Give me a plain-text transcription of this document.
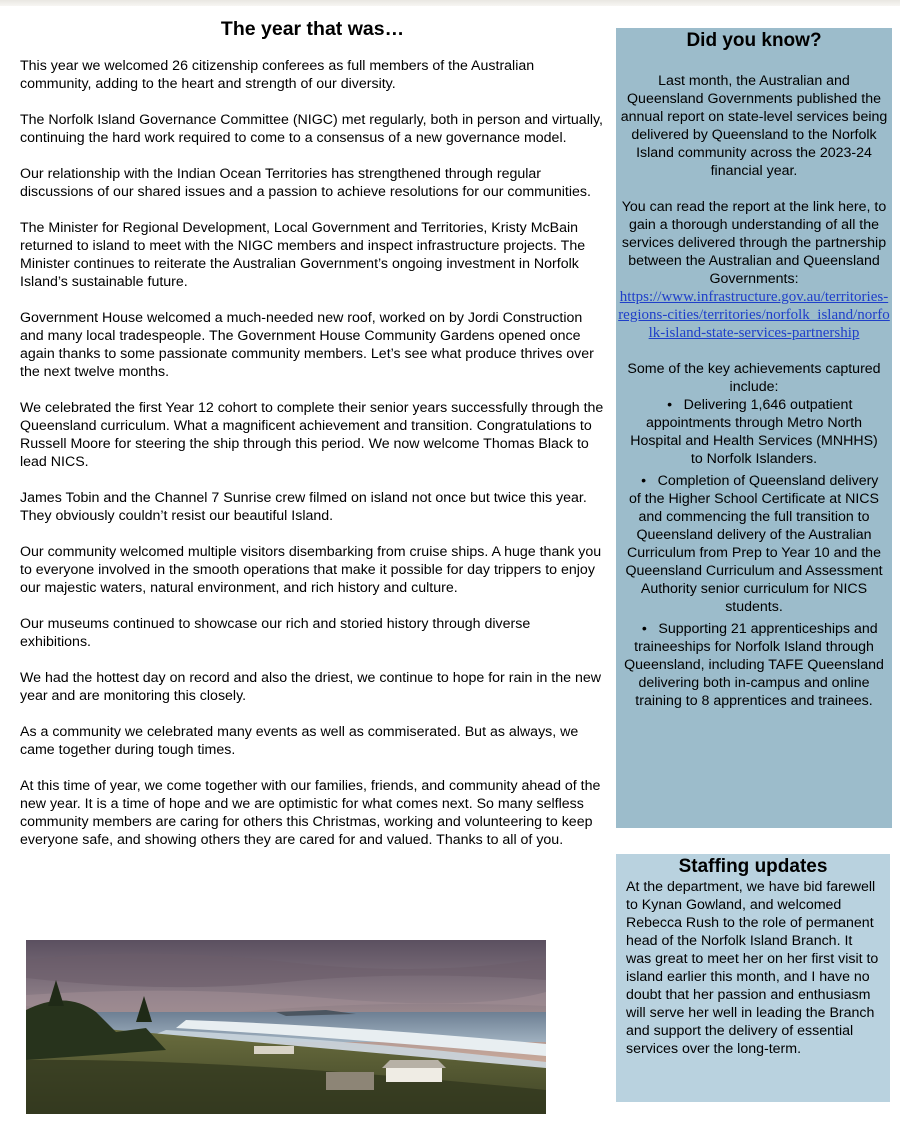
The year that was…

This year we welcomed 26 citizenship conferees as full members of the Australian community, adding to the heart and strength of our diversity.

The Norfolk Island Governance Committee (NIGC) met regularly, both in person and virtually, continuing the hard work required to come to a consensus of a new governance model.

Our relationship with the Indian Ocean Territories has strengthened through regular discussions of our shared issues and a passion to achieve resolutions for our communities.

The Minister for Regional Development, Local Government and Territories, Kristy McBain returned to island to meet with the NIGC members and inspect infrastructure projects. The Minister continues to reiterate the Australian Government’s ongoing investment in Norfolk Island’s sustainable future.

Government House welcomed a much-needed new roof, worked on by Jordi Construction and many local tradespeople. The Government House Community Gardens opened once again thanks to some passionate community members. Let’s see what produce thrives over the next twelve months.

We celebrated the first Year 12 cohort to complete their senior years successfully through the Queensland curriculum. What a magnificent achievement and transition. Congratulations to Russell Moore for steering the ship through this period. We now welcome Thomas Black to lead NICS.

James Tobin and the Channel 7 Sunrise crew filmed on island not once but twice this year. They obviously couldn’t resist our beautiful Island.

Our community welcomed multiple visitors disembarking from cruise ships. A huge thank you to everyone involved in the smooth operations that make it possible for day trippers to enjoy our majestic waters, natural environment, and rich history and culture.

Our museums continued to showcase our rich and storied history through diverse exhibitions.

We had the hottest day on record and also the driest, we continue to hope for rain in the new year and are monitoring this closely.

As a community we celebrated many events as well as commiserated. But as always, we came together during tough times.

At this time of year, we come together with our families, friends, and community ahead of the new year. It is a time of hope and we are optimistic for what comes next. So many selfless community members are caring for others this Christmas, working and volunteering to keep everyone safe, and showing others they are cared for and valued. Thanks to all of you.

Did you know?

Last month, the Australian and Queensland Governments published the annual report on state-level services being delivered by Queensland to the Norfolk Island community across the 2023-24 financial year.

You can read the report at the link here, to gain a thorough understanding of all the services delivered through the partnership between the Australian and Queensland Governments:

https://www.infrastructure.gov.au/territories-regions-cities/territories/norfolk_island/norfolk-island-state-services-partnership

Some of the key achievements captured include:

• Delivering 1,646 outpatient appointments through Metro North Hospital and Health Services (MNHHS) to Norfolk Islanders.
• Completion of Queensland delivery of the Higher School Certificate at NICS and commencing the full transition to Queensland delivery of the Australian Curriculum from Prep to Year 10 and the Queensland Curriculum and Assessment Authority senior curriculum for NICS students.
• Supporting 21 apprenticeships and traineeships for Norfolk Island through Queensland, including TAFE Queensland delivering both in-campus and online training to 8 apprentices and trainees.
Staffing updates

At the department, we have bid farewell to Kynan Gowland, and welcomed Rebecca Rush to the role of permanent head of the Norfolk Island Branch. It was great to meet her on her first visit to island earlier this month, and I have no doubt that her passion and enthusiasm will serve her well in leading the Branch and support the delivery of essential services over the long-term.
